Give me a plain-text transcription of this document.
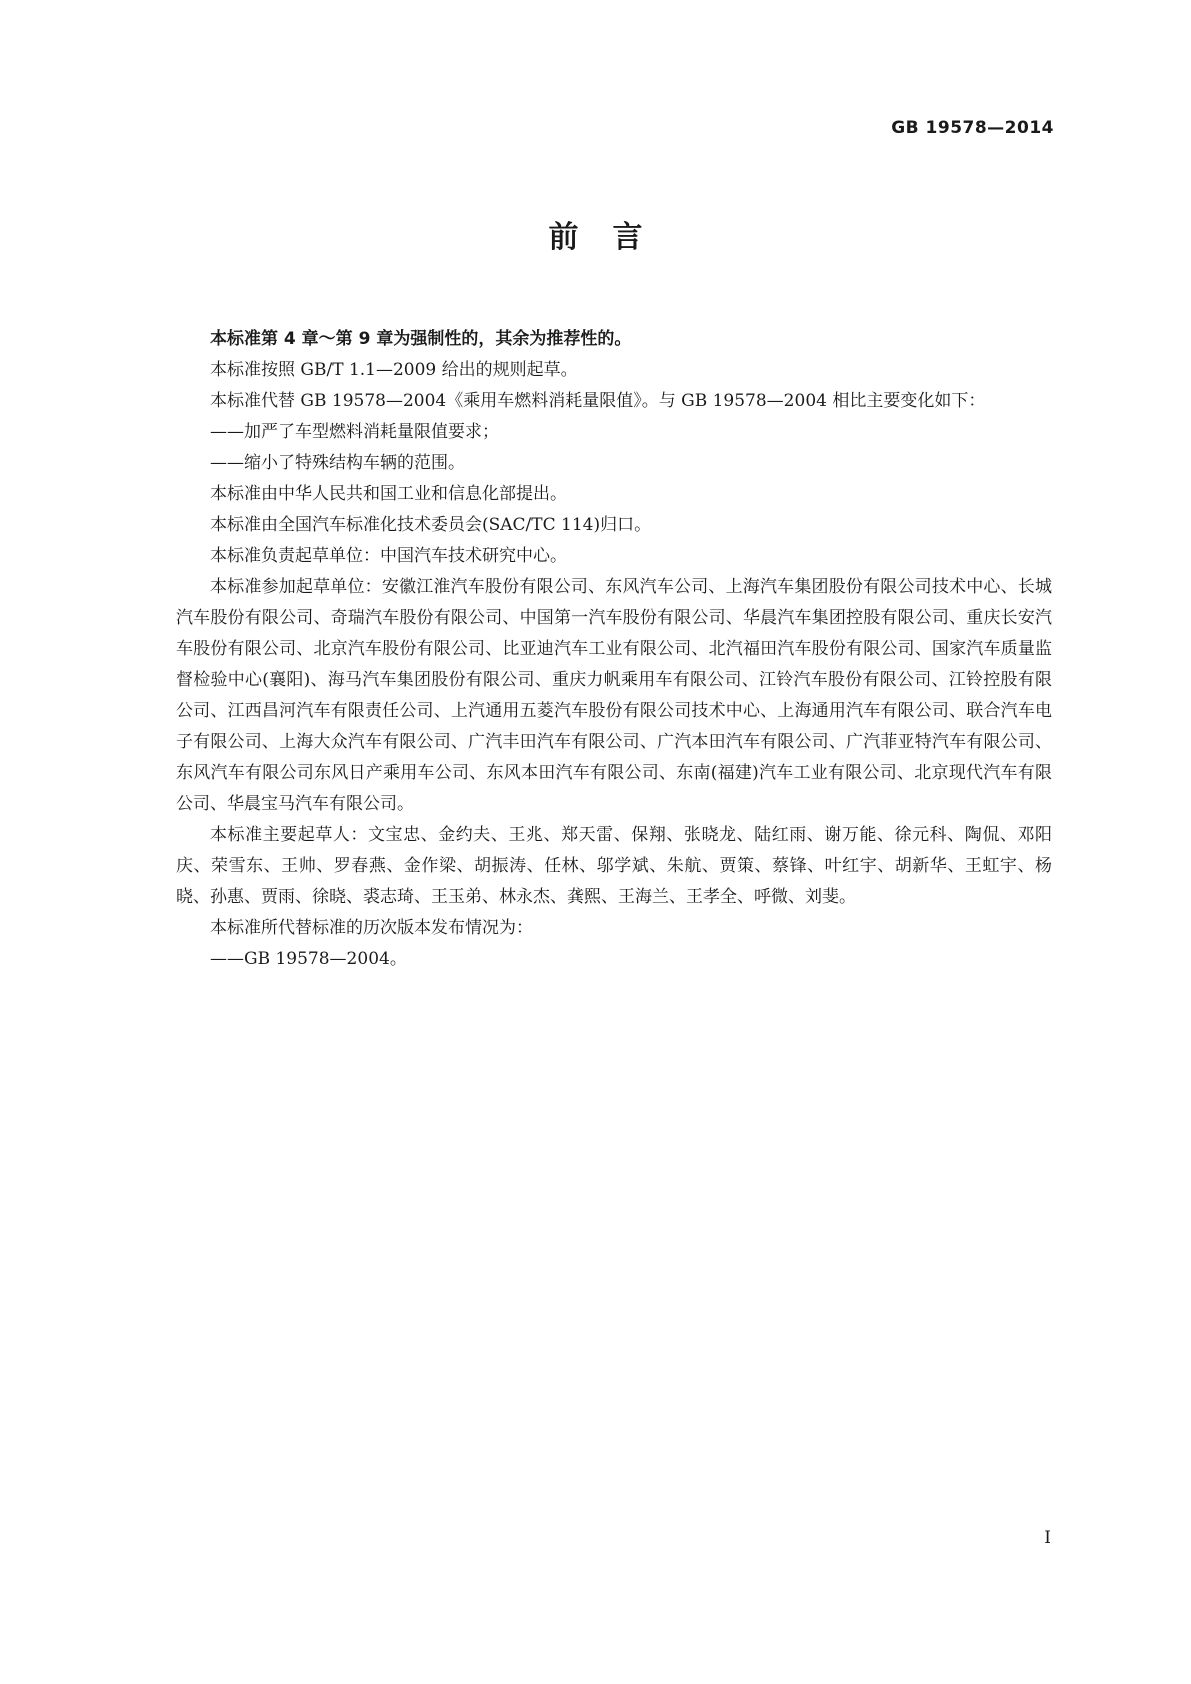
GB 19578—2014
前言

本标准第 4 章～第 9 章为强制性的，其余为推荐性的。

本标准按照 GB/T 1.1—2009 给出的规则起草。

本标准代替 GB 19578—2004《乘用车燃料消耗量限值》。与 GB 19578—2004 相比主要变化如下：

——加严了车型燃料消耗量限值要求；

——缩小了特殊结构车辆的范围。

本标准由中华人民共和国工业和信息化部提出。

本标准由全国汽车标准化技术委员会(SAC/TC 114)归口。

本标准负责起草单位：中国汽车技术研究中心。

本标准参加起草单位：安徽江淮汽车股份有限公司、东风汽车公司、上海汽车集团股份有限公司技术中心、长城汽车股份有限公司、奇瑞汽车股份有限公司、中国第一汽车股份有限公司、华晨汽车集团控股有限公司、重庆长安汽车股份有限公司、北京汽车股份有限公司、比亚迪汽车工业有限公司、北汽福田汽车股份有限公司、国家汽车质量监督检验中心(襄阳)、海马汽车集团股份有限公司、重庆力帆乘用车有限公司、江铃汽车股份有限公司、江铃控股有限公司、江西昌河汽车有限责任公司、上汽通用五菱汽车股份有限公司技术中心、上海通用汽车有限公司、联合汽车电子有限公司、上海大众汽车有限公司、广汽丰田汽车有限公司、广汽本田汽车有限公司、广汽菲亚特汽车有限公司、东风汽车有限公司东风日产乘用车公司、东风本田汽车有限公司、东南(福建)汽车工业有限公司、北京现代汽车有限公司、华晨宝马汽车有限公司。

本标准主要起草人：文宝忠、金约夫、王兆、郑天雷、保翔、张晓龙、陆红雨、谢万能、徐元科、陶侃、邓阳庆、荣雪东、王帅、罗春燕、金作梁、胡振涛、任林、邬学斌、朱航、贾策、蔡锋、叶红宇、胡新华、王虹宇、杨晓、孙惠、贾雨、徐晓、裘志琦、王玉弟、林永杰、龚熙、王海兰、王孝全、呼微、刘斐。

本标准所代替标准的历次版本发布情况为：

——GB 19578—2004。

I
